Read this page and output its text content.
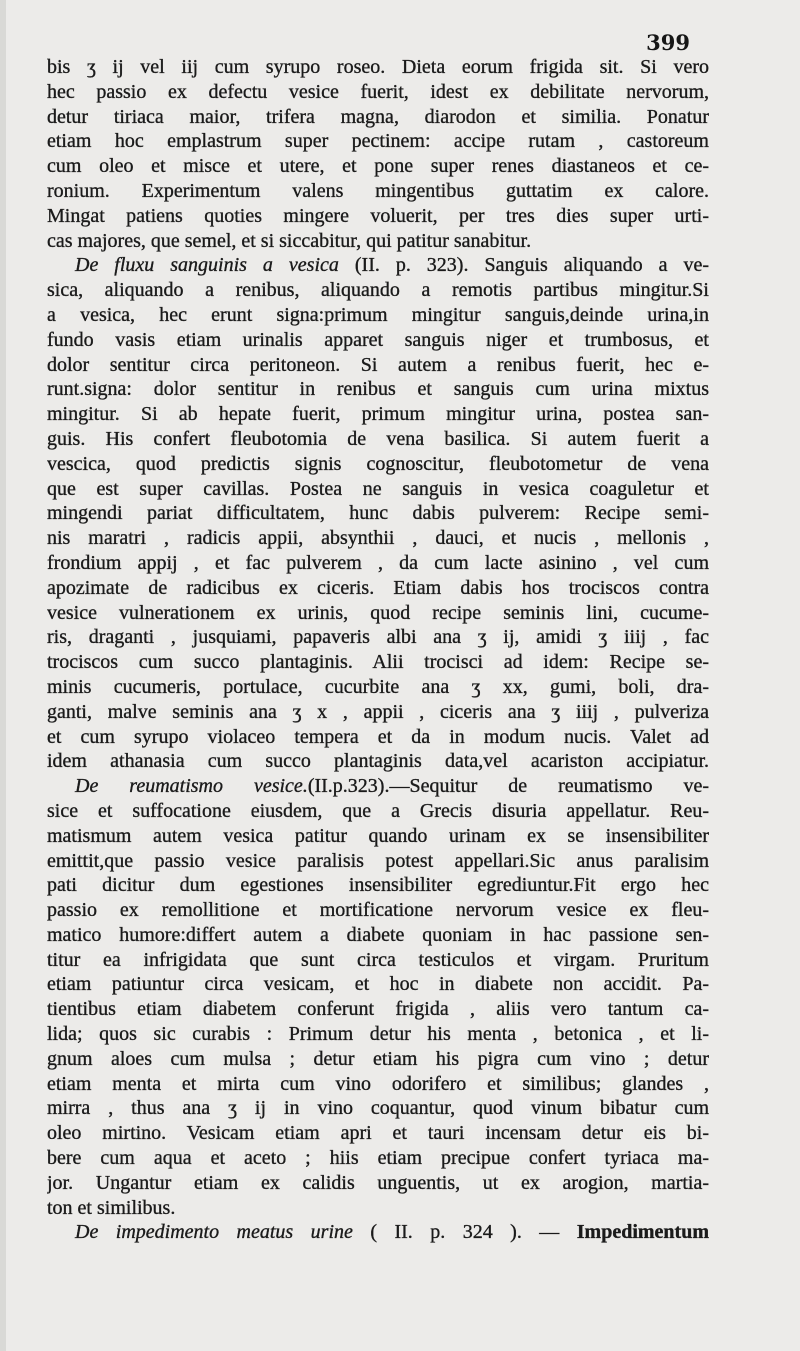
399
bis ʒ ij vel iij cum syrupo roseo. Dieta eorum frigida sit. Si vero
hec passio ex defectu vesice fuerit, idest ex debilitate nervorum,
detur tiriaca maior, trifera magna, diarodon et similia. Ponatur
etiam hoc emplastrum super pectinem: accipe rutam , castoreum
cum oleo et misce et utere, et pone super renes diastaneos et ce-
ronium. Experimentum valens mingentibus guttatim ex calore.
Mingat patiens quoties mingere voluerit, per tres dies super urti-
cas majores, que semel, et si siccabitur, qui patitur sanabitur.
De fluxu sanguinis a vesica (II. p. 323). Sanguis aliquando a ve-
sica, aliquando a renibus, aliquando a remotis partibus mingitur.Si
a vesica, hec erunt signa:primum mingitur sanguis,deinde urina,in
fundo vasis etiam urinalis apparet sanguis niger et trumbosus, et
dolor sentitur circa peritoneon. Si autem a renibus fuerit, hec e-
runt.signa: dolor sentitur in renibus et sanguis cum urina mixtus
mingitur. Si ab hepate fuerit, primum mingitur urina, postea san-
guis. His confert fleubotomia de vena basilica. Si autem fuerit a
vescica, quod predictis signis cognoscitur, fleubotometur de vena
que est super cavillas. Postea ne sanguis in vesica coaguletur et
mingendi pariat difficultatem, hunc dabis pulverem: Recipe semi-
nis maratri , radicis appii, absynthii , dauci, et nucis , mellonis ,
frondium appij , et fac pulverem , da cum lacte asinino , vel cum
apozimate de radicibus ex ciceris. Etiam dabis hos trociscos contra
vesice vulnerationem ex urinis, quod recipe seminis lini, cucume-
ris, draganti , jusquiami, papaveris albi ana ʒ ij, amidi ʒ iiij , fac
trociscos cum succo plantaginis. Alii trocisci ad idem: Recipe se-
minis cucumeris, portulace, cucurbite ana ʒ xx, gumi, boli, dra-
ganti, malve seminis ana ʒ x , appii , ciceris ana ʒ iiij , pulveriza
et cum syrupo violaceo tempera et da in modum nucis. Valet ad
idem athanasia cum succo plantaginis data,vel acariston accipiatur.
De reumatismo vesice.(II.p.323).—Sequitur de reumatismo ve-
sice et suffocatione eiusdem, que a Grecis disuria appellatur. Reu-
matismum autem vesica patitur quando urinam ex se insensibiliter
emittit,que passio vesice paralisis potest appellari.Sic anus paralisim
pati dicitur dum egestiones insensibiliter egrediuntur.Fit ergo hec
passio ex remollitione et mortificatione nervorum vesice ex fleu-
matico humore:differt autem a diabete quoniam in hac passione sen-
titur ea infrigidata que sunt circa testiculos et virgam. Pruritum
etiam patiuntur circa vesicam, et hoc in diabete non accidit. Pa-
tientibus etiam diabetem conferunt frigida , aliis vero tantum ca-
lida; quos sic curabis : Primum detur his menta , betonica , et li-
gnum aloes cum mulsa ; detur etiam his pigra cum vino ; detur
etiam menta et mirta cum vino odorifero et similibus; glandes ,
mirra , thus ana ʒ ij in vino coquantur, quod vinum bibatur cum
oleo mirtino. Vesicam etiam apri et tauri incensam detur eis bi-
bere cum aqua et aceto ; hiis etiam precipue confert tyriaca ma-
jor. Ungantur etiam ex calidis unguentis, ut ex arogion, martia-
ton et similibus.
De impedimento meatus urine ( II. p. 324 ). — Impedimentum
